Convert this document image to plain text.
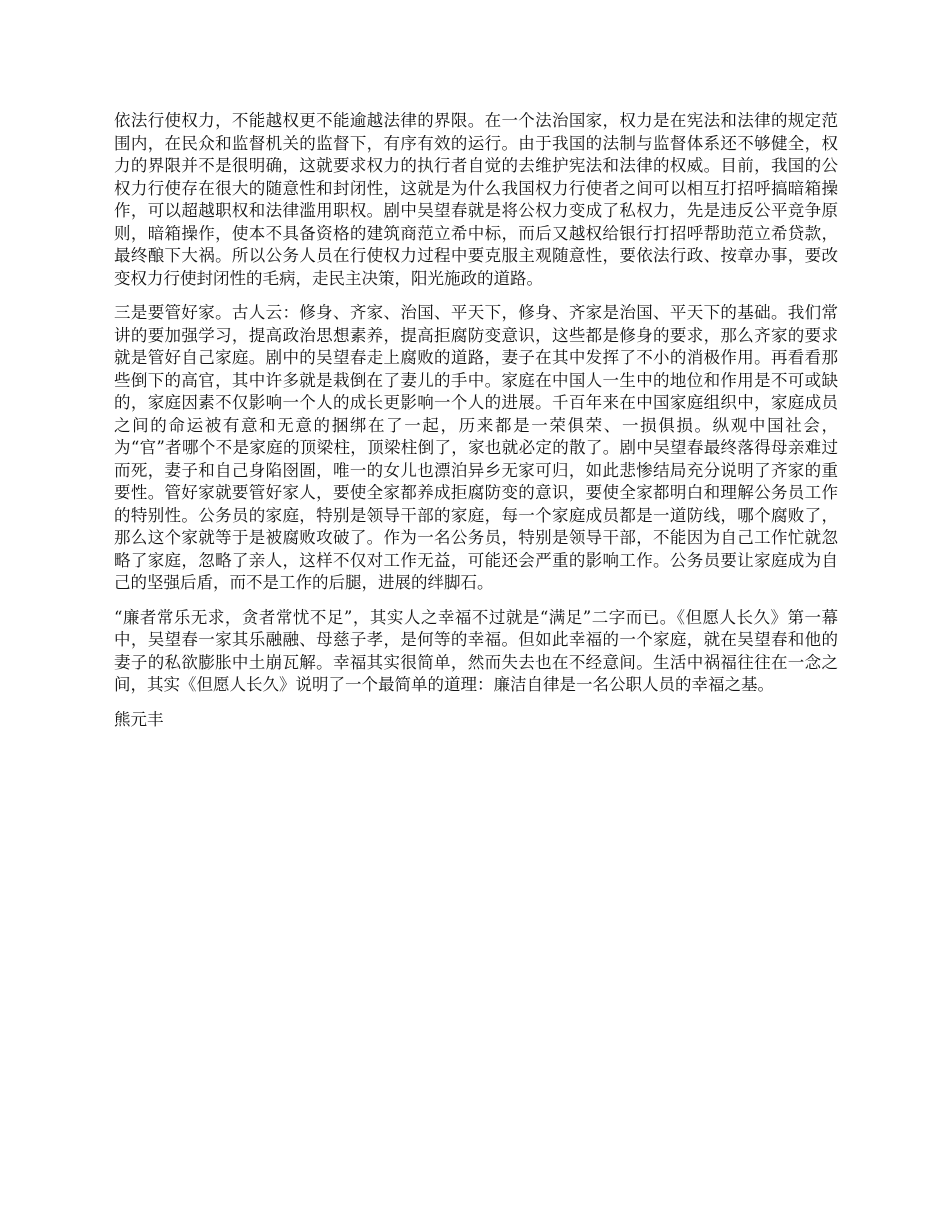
依法行使权力，不能越权更不能逾越法律的界限。在一个法治国家，权力是在宪法和法律的规定范围内，在民众和监督机关的监督下，有序有效的运行。由于我国的法制与监督体系还不够健全，权力的界限并不是很明确，这就要求权力的执行者自觉的去维护宪法和法律的权威。目前，我国的公权力行使存在很大的随意性和封闭性，这就是为什么我国权力行使者之间可以相互打招呼搞暗箱操作，可以超越职权和法律滥用职权。剧中吴望春就是将公权力变成了私权力，先是违反公平竞争原则，暗箱操作，使本不具备资格的建筑商范立希中标，而后又越权给银行打招呼帮助范立希贷款，最终酿下大祸。所以公务人员在行使权力过程中要克服主观随意性，要依法行政、按章办事，要改变权力行使封闭性的毛病，走民主决策，阳光施政的道路。

三是要管好家。古人云：修身、齐家、治国、平天下，修身、齐家是治国、平天下的基础。我们常讲的要加强学习，提高政治思想素养，提高拒腐防变意识，这些都是修身的要求，那么齐家的要求就是管好自己家庭。剧中的吴望春走上腐败的道路，妻子在其中发挥了不小的消极作用。再看看那些倒下的高官，其中许多就是栽倒在了妻儿的手中。家庭在中国人一生中的地位和作用是不可或缺的，家庭因素不仅影响一个人的成长更影响一个人的进展。千百年来在中国家庭组织中，家庭成员之间的命运被有意和无意的捆绑在了一起，历来都是一荣俱荣、一损俱损。纵观中国社会，为“官”者哪个不是家庭的顶梁柱，顶梁柱倒了，家也就必定的散了。剧中吴望春最终落得母亲难过而死，妻子和自己身陷囹圄，唯一的女儿也漂泊异乡无家可归，如此悲惨结局充分说明了齐家的重要性。管好家就要管好家人，要使全家都养成拒腐防变的意识，要使全家都明白和理解公务员工作的特别性。公务员的家庭，特别是领导干部的家庭，每一个家庭成员都是一道防线，哪个腐败了，那么这个家就等于是被腐败攻破了。作为一名公务员，特别是领导干部，不能因为自己工作忙就忽略了家庭，忽略了亲人，这样不仅对工作无益，可能还会严重的影响工作。公务员要让家庭成为自己的坚强后盾，而不是工作的后腿，进展的绊脚石。

“廉者常乐无求，贪者常忧不足”，其实人之幸福不过就是“满足”二字而已。《但愿人长久》第一幕中，吴望春一家其乐融融、母慈子孝，是何等的幸福。但如此幸福的一个家庭，就在吴望春和他的妻子的私欲膨胀中土崩瓦解。幸福其实很简单，然而失去也在不经意间。生活中祸福往往在一念之间，其实《但愿人长久》说明了一个最简单的道理：廉洁自律是一名公职人员的幸福之基。

熊元丰
